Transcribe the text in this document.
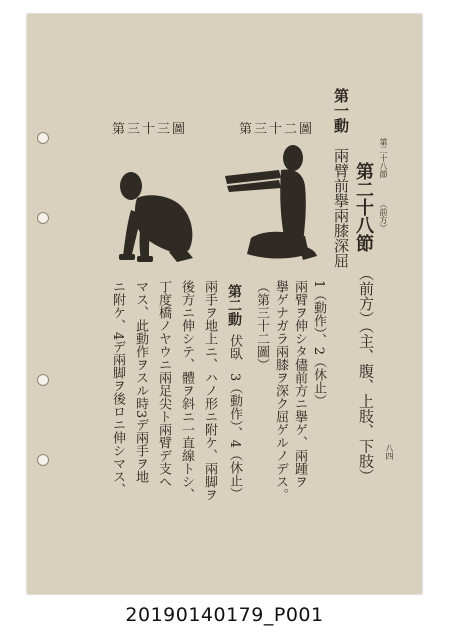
第二十八節
（前方）
八四
第二十八節
（前方）（主、腹、上肢、下肢）
第一動
兩臂前擧兩膝深屈
1（動作）、2（休止）
兩臂ヲ伸シタ儘前方ニ擧ゲ、兩踵ヲ
擧ゲナガラ兩膝ヲ深ク屈ゲルノデス。
（第三十二圖）
第二動
伏臥　3（動作）、4（休止）
兩手ヲ地上ニ、ハノ形ニ附ケ、兩脚ヲ
後方ニ伸シテ、體ヲ斜ニ一直線トシ、
丁度橋ノヤウニ兩足尖ト兩臂デ支ヘ
マス、此動作ヲスル時3デ兩手ヲ地
ニ附ケ、4デ兩脚ヲ後ロニ伸シマス、
第三十三圖	第三十二圖
20190140179_P001
